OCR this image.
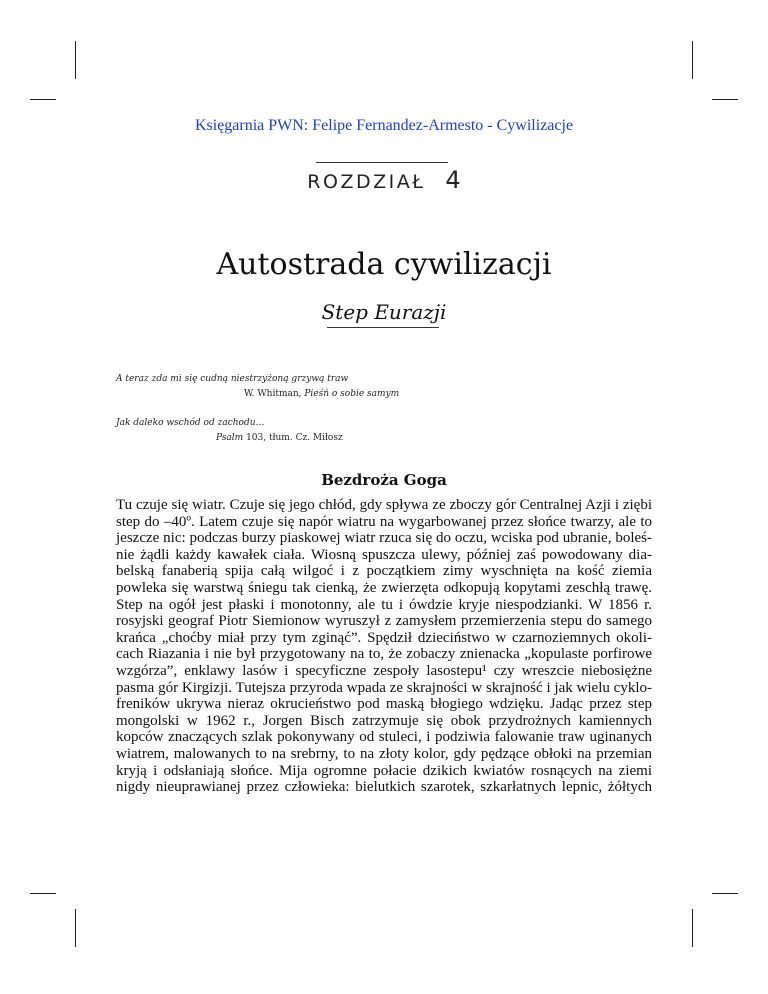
Księgarnia PWN: Felipe Fernandez-Armesto - Cywilizacje
ROZDZIAŁ 4
Autostrada cywilizacji
Step Eurazji
A teraz zda mi się cudną niestrzyżoną grzywą traw
W. Whitman, Pieśń o sobie samym
Jak daleko wschód od zachodu…
Psalm 103, tłum. Cz. Miłosz
Bezdroża Goga
Tu czuje się wiatr. Czuje się jego chłód, gdy spływa ze zboczy gór Centralnej Azji i ziębi
step do –40º. Latem czuje się napór wiatru na wygarbowanej przez słońce twarzy, ale to
jeszcze nic: podczas burzy piaskowej wiatr rzuca się do oczu, wciska pod ubranie, boleś-
nie żądli każdy kawałek ciała. Wiosną spuszcza ulewy, później zaś powodowany dia-
belską fanaberią spija całą wilgoć i z początkiem zimy wyschnięta na kość ziemia
powleka się warstwą śniegu tak cienką, że zwierzęta odkopują kopytami zeschłą trawę.
Step na ogół jest płaski i monotonny, ale tu i ówdzie kryje niespodzianki. W 1856 r.
rosyjski geograf Piotr Siemionow wyruszył z zamysłem przemierzenia stepu do samego
krańca „choćby miał przy tym zginąć”. Spędził dzieciństwo w czarnoziemnych okoli-
cach Riazania i nie był przygotowany na to, że zobaczy znienacka „kopulaste porfirowe
wzgórza”, enklawy lasów i specyficzne zespoły lasostepu¹ czy wreszcie niebosiężne
pasma gór Kirgizji. Tutejsza przyroda wpada ze skrajności w skrajność i jak wielu cyklo-
freników ukrywa nieraz okrucieństwo pod maską błogiego wdzięku. Jadąc przez step
mongolski w 1962 r., Jorgen Bisch zatrzymuje się obok przydrożnych kamiennych
kopców znaczących szlak pokonywany od stuleci, i podziwia falowanie traw uginanych
wiatrem, malowanych to na srebrny, to na złoty kolor, gdy pędzące obłoki na przemian
kryją i odsłaniają słońce. Mija ogromne połacie dzikich kwiatów rosnących na ziemi
nigdy nieuprawianej przez człowieka: bielutkich szarotek, szkarłatnych lepnic, żółtych
